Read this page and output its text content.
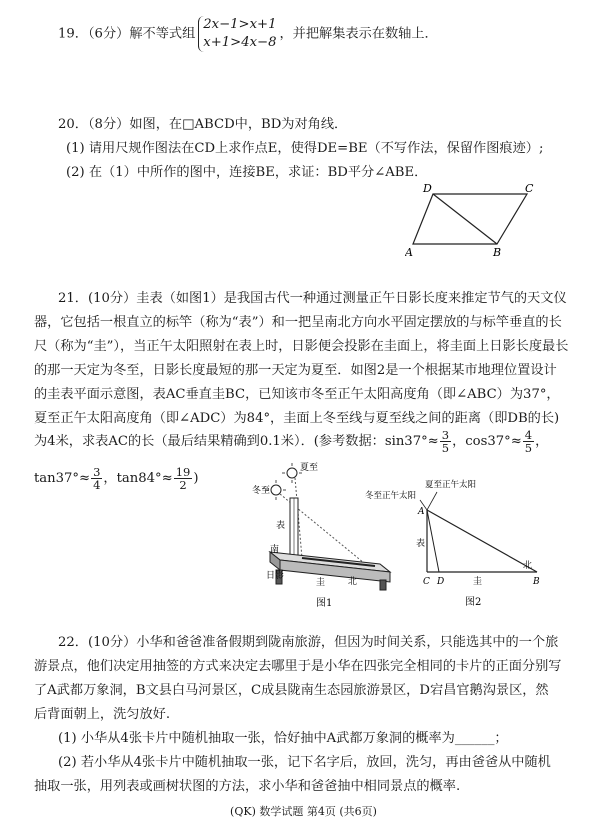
19．（6分）解不等式组
2x−1>x+1
x+1>4x−8
，并把解集表示在数轴上．
20．（8分）如图，在□ABCD中，BD为对角线．
(1) 请用尺规作图法在CD上求作点E，使得DE=BE（不写作法，保留作图痕迹）;
(2) 在（1）中所作的图中，连接BE，求证：BD平分∠ABE．
D	C
A	B
21．(10分）圭表（如图1）是我国古代一种通过测量正午日影长度来推定节气的天文仪
器，它包括一根直立的标竿（称为“表”）和一把呈南北方向水平固定摆放的与标竿垂直的长
尺（称为“圭”），当正午太阳照射在表上时，日影便会投影在圭面上，将圭面上日影长度最长
的那一天定为冬至，日影长度最短的那一天定为夏至．如图2是一个根据某市地理位置设计
的圭表平面示意图，表AC垂直圭BC，已知该市冬至正午太阳高度角（即∠ABC）为37°，
夏至正午太阳高度角（即∠ADC）为84°，圭面上冬至线与夏至线之间的距离（即DB的长)
为4米，求表AC的长（最后结果精确到0.1米）．(参考数据：$\sin 37^\circ\approx \frac{3}{5}$ ，$\cos 37^\circ\approx \frac{4}{5}$ ，
$\tan 37^\circ\approx \frac{3}{4}$ ，$\tan 84^\circ\approx \frac{19}{2}$ )
夏至
冬至
表
南
日影
圭	北
图1
冬至正午太阳
夏至正午太阳
A
表
C D	圭
北
B
图2
22．(10分）小华和爸爸准备假期到陇南旅游，但因为时间关系，只能选其中的一个旅
游景点，他们决定用抽签的方式来决定去哪里于是小华在四张完全相同的卡片的正面分别写
了A武都万象洞，B文县白马河景区，C成县陇南生态园旅游景区，D宕昌官鹅沟景区，然
后背面朝上，洗匀放好.
(1) 小华从4张卡片中随机抽取一张，恰好抽中A武都万象洞的概率为______；
(2) 若小华从4张卡片中随机抽取一张，记下名字后，放回，洗匀，再由爸爸从中随机
抽取一张，用列表或画树状图的方法，求小华和爸爸抽中相同景点的概率.
(QK) 数学试题 第4页 (共6页)
